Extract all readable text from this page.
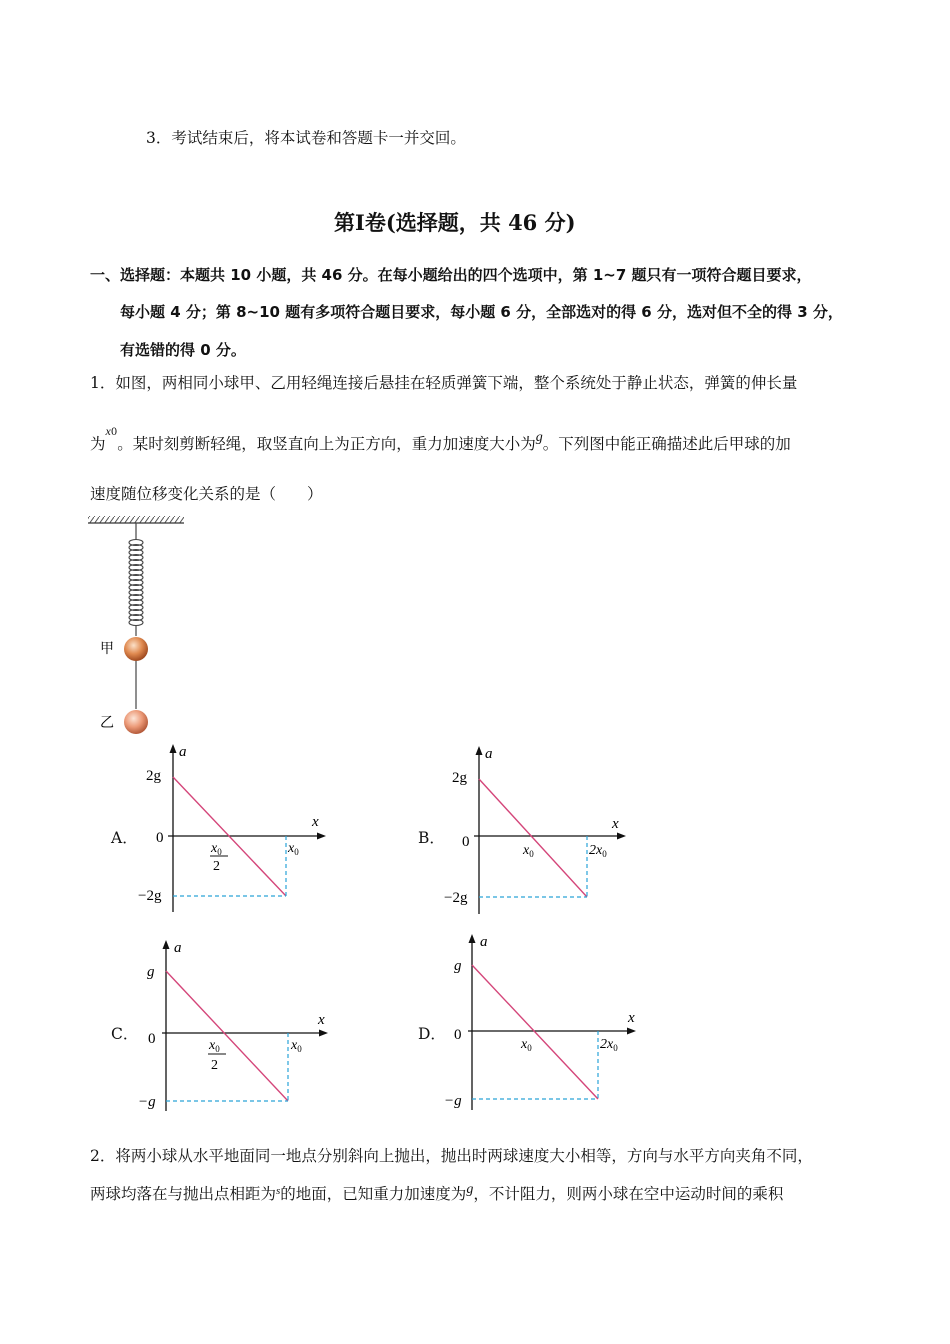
3．考试结束后，将本试卷和答题卡一并交回。
第Ⅰ卷(选择题，共 46 分)
一、选择题：本题共 10 小题，共 46 分。在每小题给出的四个选项中，第 1~7 题只有一项符合题目要求，
每小题 4 分；第 8~10 题有多项符合题目要求，每小题 6 分，全部选对的得 6 分，选对但不全的得 3 分，
有选错的得 0 分。
1．如图，两相同小球甲、乙用轻绳连接后悬挂在轻质弹簧下端，整个系统处于静止状态，弹簧的伸长量
为$^{x0}$。某时刻剪断轻绳，取竖直向上为正方向，重力加速度大小为g。下列图中能正确描述此后甲球的加
速度随位移变化关系的是（　　）
甲
乙
A．
a
x
2g
0
−2g
$x_0$
2
$x_0$
B．
a
x
2g
0
−2g
$x_0$	$2x_0$
C．
a
x
g
0
−g
$x_0$
2
$x_0$
D．
a
x
g
0
−g
$x_0$	$2x_0$
2．将两小球从水平地面同一地点分别斜向上抛出，抛出时两球速度大小相等，方向与水平方向夹角不同，
两球均落在与抛出点相距为$^s$的地面，已知重力加速度为g，不计阻力，则两小球在空中运动时间的乘积
